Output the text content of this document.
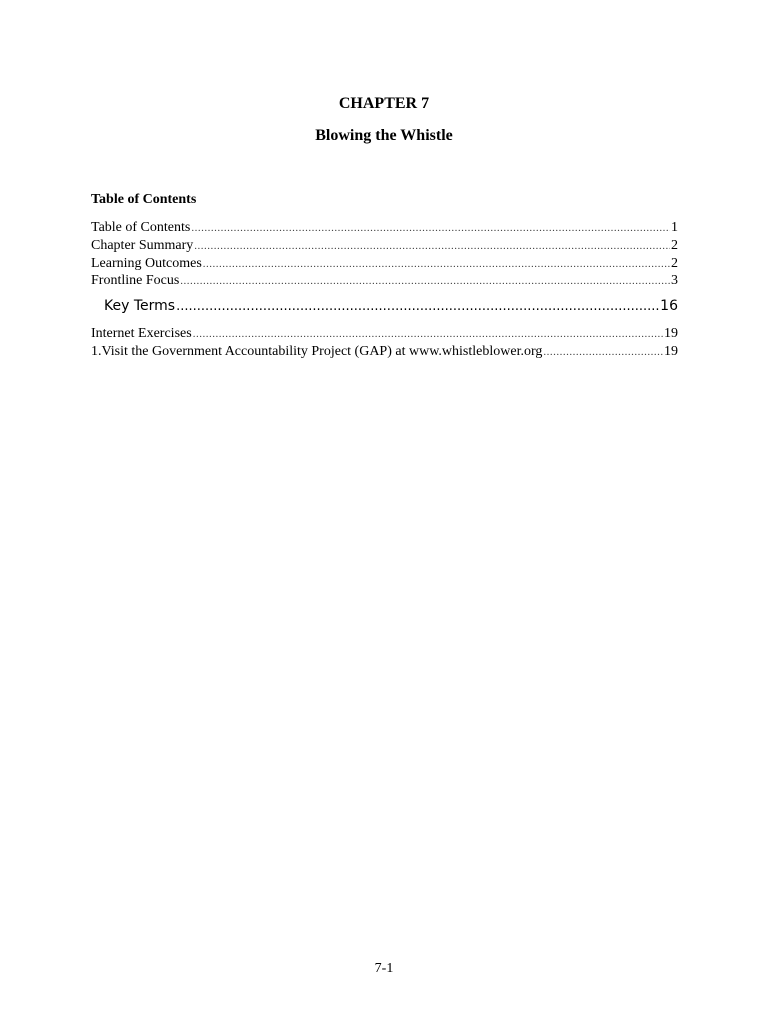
CHAPTER 7
Blowing the Whistle
Table of Contents
Table of Contents .....	1
Chapter Summary .....	2
Learning Outcomes .....	2
Frontline Focus .....	3
Key Terms .....	16
Internet Exercises .....	19
1.Visit the Government Accountability Project (GAP) at www.whistleblower.org .....	19
7-1
